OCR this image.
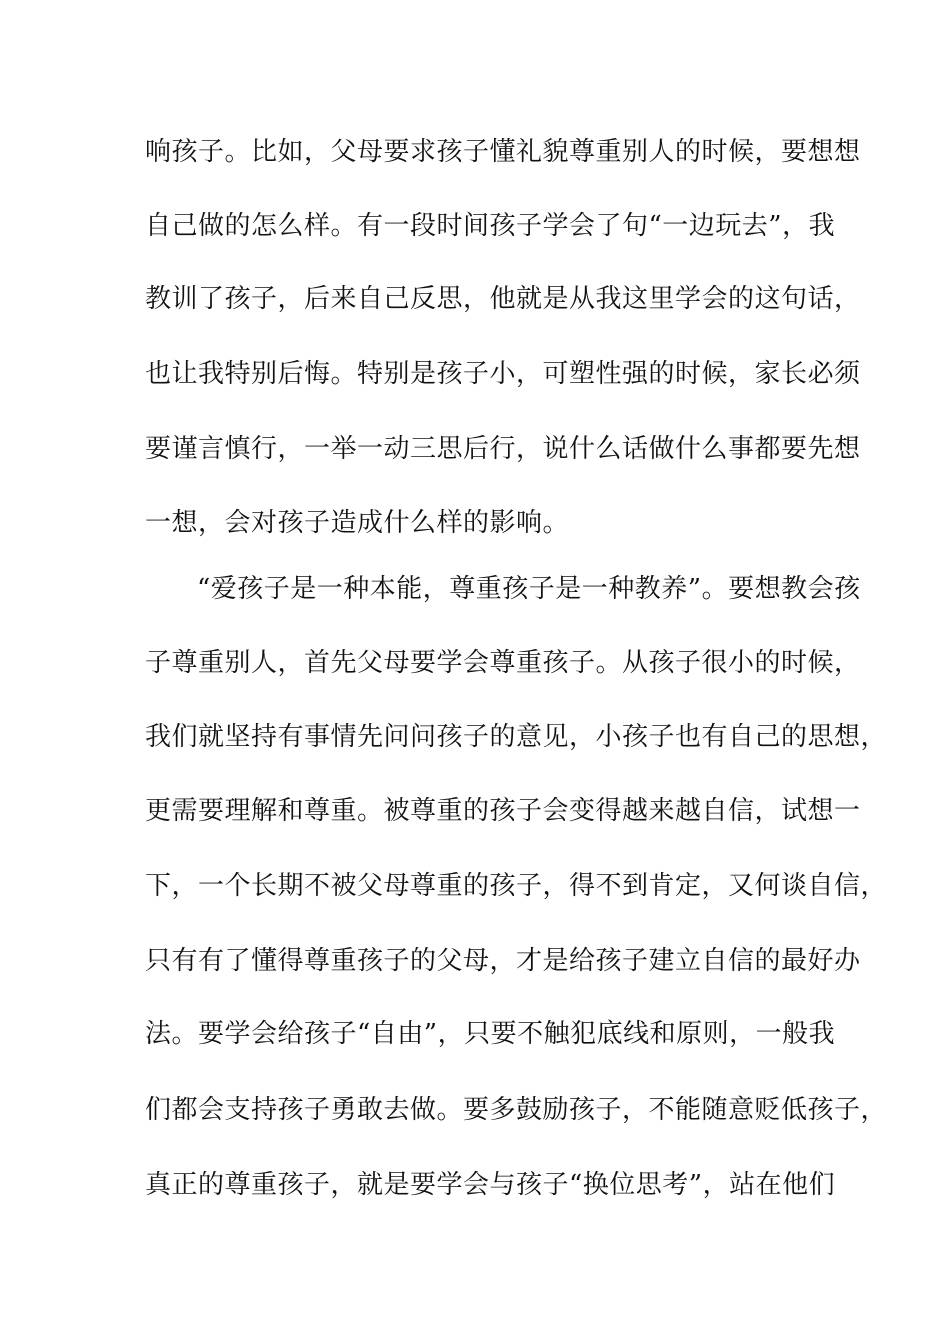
响孩子。比如，父母要求孩子懂礼貌尊重别人的时候，要想想
自己做的怎么样。有一段时间孩子学会了句“一边玩去”，我
教训了孩子，后来自己反思，他就是从我这里学会的这句话，
也让我特别后悔。特别是孩子小，可塑性强的时候，家长必须
要谨言慎行，一举一动三思后行，说什么话做什么事都要先想
一想，会对孩子造成什么样的影响。
“爱孩子是一种本能，尊重孩子是一种教养”。要想教会孩
子尊重别人，首先父母要学会尊重孩子。从孩子很小的时候，
我们就坚持有事情先问问孩子的意见，小孩子也有自己的思想，
更需要理解和尊重。被尊重的孩子会变得越来越自信，试想一
下，一个长期不被父母尊重的孩子，得不到肯定，又何谈自信，
只有有了懂得尊重孩子的父母，才是给孩子建立自信的最好办
法。要学会给孩子“自由”，只要不触犯底线和原则，一般我
们都会支持孩子勇敢去做。要多鼓励孩子，不能随意贬低孩子，
真正的尊重孩子，就是要学会与孩子“换位思考”，站在他们
